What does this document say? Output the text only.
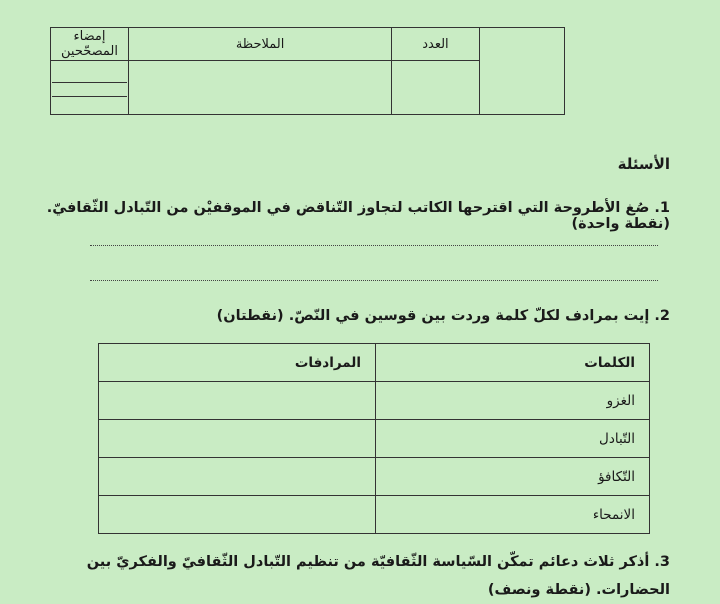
	العدد	الملاحظة	إمضاء المصحّحين

الأسئلة
1. صُغ الأطروحة التي اقترحها الكاتب لتجاوز التّناقض في الموقفيْن من التّبادل الثّقافيّ. (نقطة واحدة)
2. إيت بمرادف لكلّ كلمة وردت بين قوسين في النّصّ. (نقطتان)
الكلمات	المرادفات
الغزو	
التّبادل	
التّكافؤ	
الانمحاء	
3. أذكر ثلاث دعائم تمكّن السّياسة الثّقافيّة من تنظيم التّبادل الثّقافيّ والفكريّ بين الحضارات. (نقطة ونصف)
